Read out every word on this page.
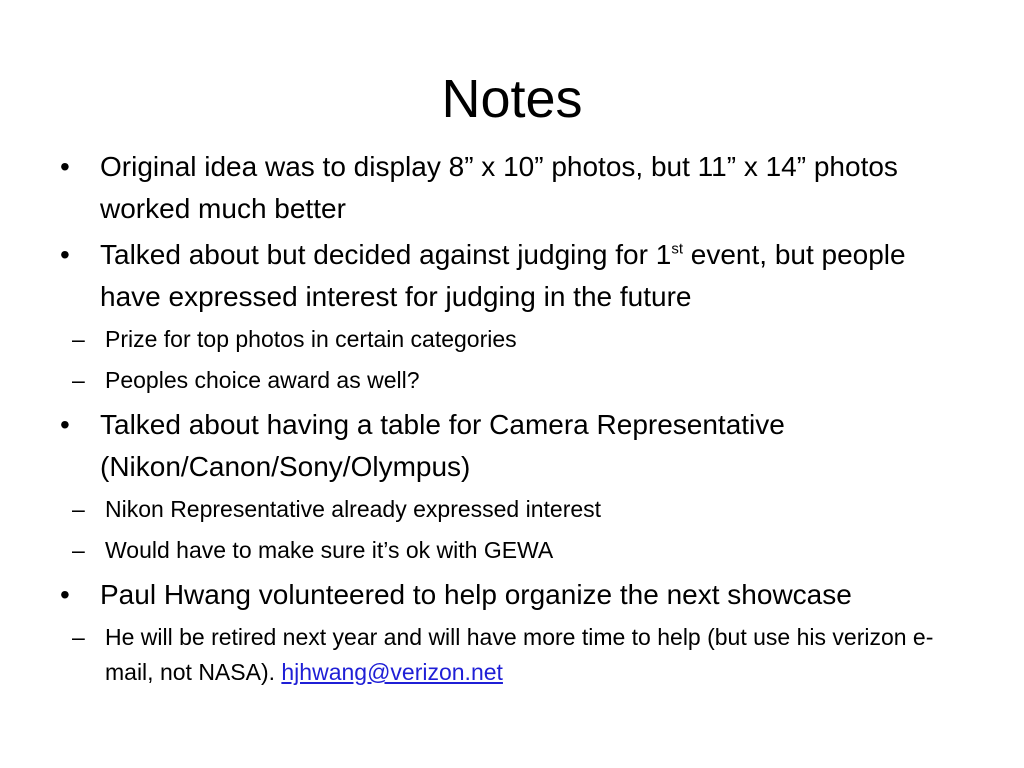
Notes
•	Original idea was to display 8” x 10” photos, but 11” x 14” photos worked much better
•	Talked about but decided against judging for 1st event, but people have expressed interest for judging in the future
– Prize for top photos in certain categories
– Peoples choice award as well?
•	Talked about having a table for Camera Representative (Nikon/Canon/Sony/Olympus)
– Nikon Representative already expressed interest
– Would have to make sure it’s ok with GEWA
•	Paul Hwang volunteered to help organize the next showcase
– He will be retired next year and will have more time to help (but use his verizon e-mail, not NASA). hjhwang@verizon.net
